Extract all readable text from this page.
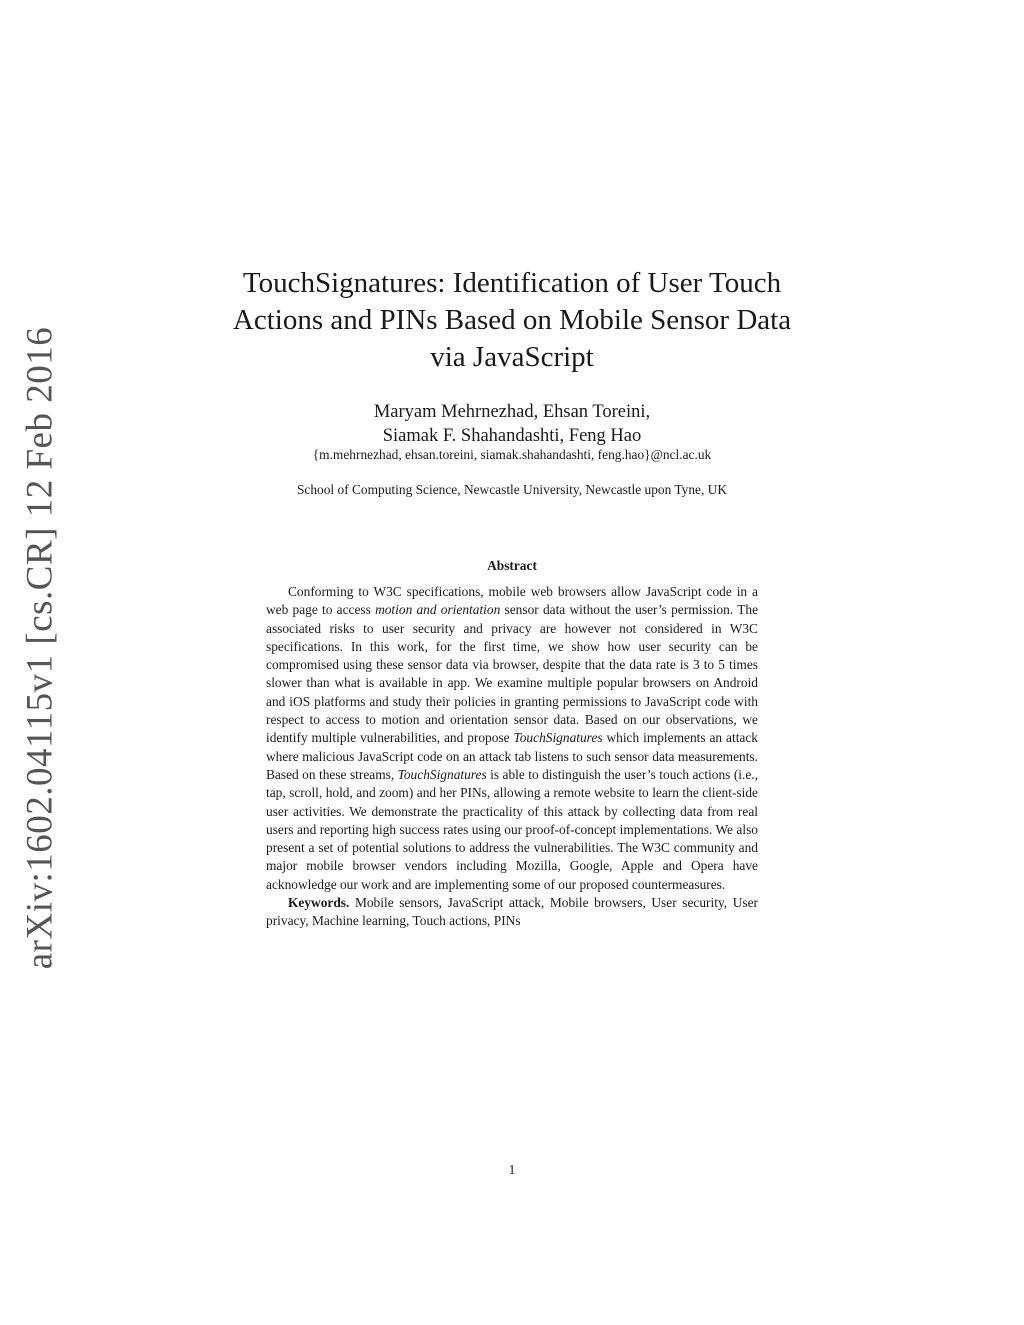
arXiv:1602.04115v1 [cs.CR] 12 Feb 2016
TouchSignatures: Identification of User Touch
Actions and PINs Based on Mobile Sensor Data
via JavaScript
Maryam Mehrnezhad, Ehsan Toreini,
Siamak F. Shahandashti, Feng Hao
{m.mehrnezhad, ehsan.toreini, siamak.shahandashti, feng.hao}@ncl.ac.uk
School of Computing Science, Newcastle University, Newcastle upon Tyne, UK
Abstract

Conforming to W3C specifications, mobile web browsers allow JavaScript code in a web page to access motion and orientation sensor data without the user’s permission. The associated risks to user security and privacy are however not considered in W3C specifications. In this work, for the first time, we show how user security can be compromised using these sensor data via browser, despite that the data rate is 3 to 5 times slower than what is available in app. We examine multiple popular browsers on Android and iOS platforms and study their policies in granting permissions to JavaScript code with respect to access to motion and orientation sensor data. Based on our observations, we identify multiple vulnerabilities, and propose TouchSignatures which implements an attack where malicious JavaScript code on an attack tab listens to such sensor data measurements. Based on these streams, TouchSignatures is able to distinguish the user’s touch actions (i.e., tap, scroll, hold, and zoom) and her PINs, allowing a remote website to learn the client-side user activities. We demonstrate the practicality of this attack by collecting data from real users and reporting high success rates using our proof-of-concept implementations. We also present a set of potential solutions to address the vulnerabilities. The W3C community and major mobile browser vendors including Mozilla, Google, Apple and Opera have acknowledge our work and are implementing some of our proposed countermeasures.

Keywords. Mobile sensors, JavaScript attack, Mobile browsers, User security, User privacy, Machine learning, Touch actions, PINs

1
